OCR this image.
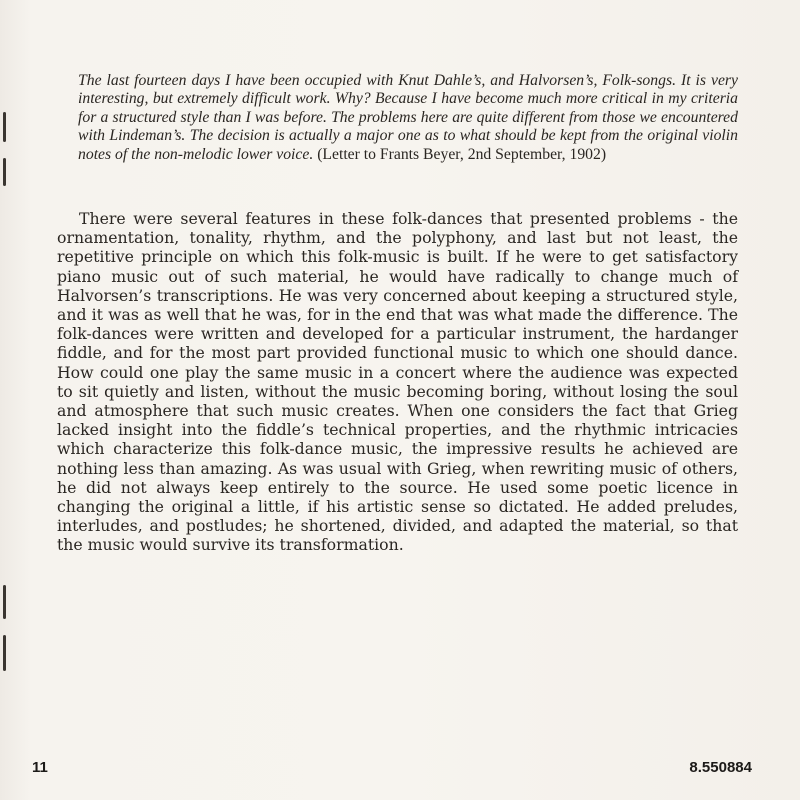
The last fourteen days I have been occupied with Knut Dahle’s, and Halvorsen’s, Folk-songs. It is very interesting, but extremely difficult work. Why? Because I have become much more critical in my criteria for a structured style than I was before. The problems here are quite different from those we encountered with Lindeman’s. The decision is actually a major one as to what should be kept from the original violin notes of the non-melodic lower voice. (Letter to Frants Beyer, 2nd September, 1902)
There were several features in these folk-dances that presented problems - the ornamentation, tonality, rhythm, and the polyphony, and last but not least, the repetitive principle on which this folk-music is built. If he were to get satisfactory piano music out of such material, he would have radically to change much of Halvorsen’s transcriptions. He was very concerned about keeping a structured style, and it was as well that he was, for in the end that was what made the difference. The folk-dances were written and developed for a particular instrument, the hardanger fiddle, and for the most part provided functional music to which one should dance. How could one play the same music in a concert where the audience was expected to sit quietly and listen, without the music becoming boring, without losing the soul and atmosphere that such music creates. When one considers the fact that Grieg lacked insight into the fiddle’s technical properties, and the rhythmic intricacies which characterize this folk-dance music, the impressive results he achieved are nothing less than amazing. As was usual with Grieg, when rewriting music of others, he did not always keep entirely to the source. He used some poetic licence in changing the original a little, if his artistic sense so dictated. He added preludes, interludes, and postludes; he shortened, divided, and adapted the material, so that the music would survive its transformation.
11	8.550884
